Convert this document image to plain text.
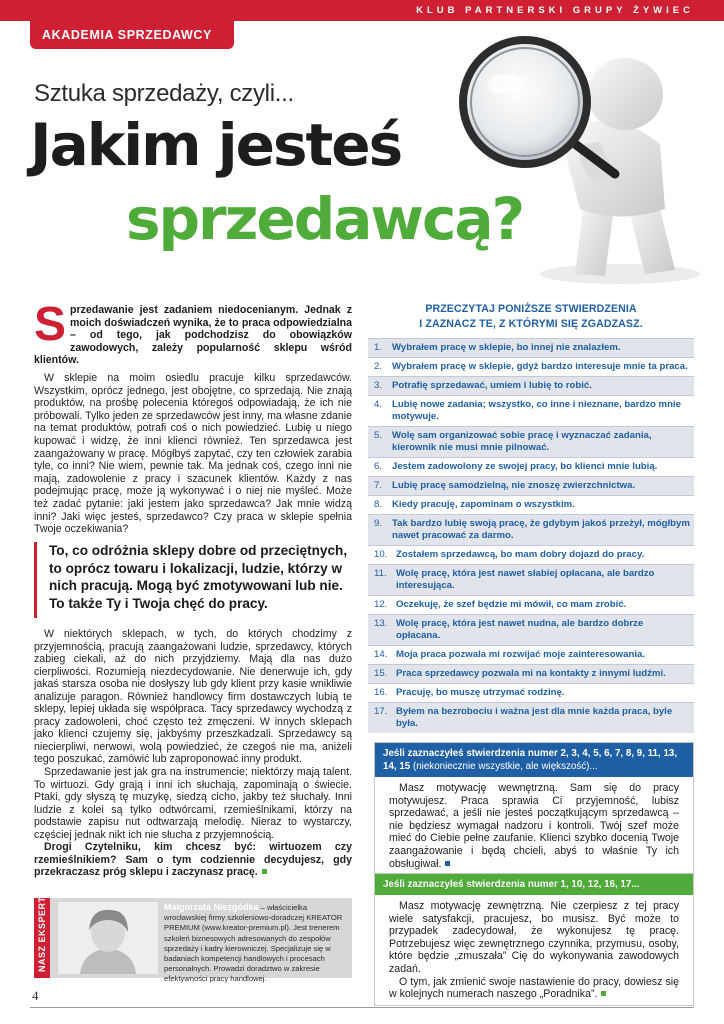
KLUB PARTNERSKI GRUPY ŻYWIEC
AKADEMIA SPRZEDAWCY
Sztuka sprzedaży, czyli...
Jakim jesteś
sprzedawcą?

Sprzedawanie jest zadaniem niedocenianym. Jednak z moich doświadczeń wynika, że to praca odpowiedzialna – od tego, jak podchodzisz do obowiązków zawodowych, zależy popularność sklepu wśród klientów.

W sklepie na moim osiedlu pracuje kilku sprzedawców. Wszystkim, oprócz jednego, jest obojętne, co sprzedają. Nie znają produktów, na prośbę polecenia któregoś odpowiadają, że ich nie próbowali. Tylko jeden ze sprzedawców jest inny, ma własne zdanie na temat produktów, potrafi coś o nich powiedzieć. Lubię u niego kupować i widzę, że inni klienci również. Ten sprzedawca jest zaangażowany w pracę. Mógłbyś zapytać, czy ten człowiek zarabia tyle, co inni? Nie wiem, pewnie tak. Ma jednak coś, czego inni nie mają, zadowolenie z pracy i szacunek klientów. Każdy z nas podejmując pracę, może ją wykonywać i o niej nie myśleć. Może też zadać pytanie: jaki jestem jako sprzedawca? Jak mnie widzą inni? Jaki więc jesteś, sprzedawco? Czy praca w sklepie spełnia Twoje oczekiwania?

To, co odróżnia sklepy dobre od przeciętnych, to oprócz towaru i lokalizacji, ludzie, którzy w nich pracują. Mogą być zmotywowani lub nie. To także Ty i Twoja chęć do pracy.

W niektórych sklepach, w tych, do których chodzimy z przyjemnością, pracują zaangażowani ludzie, sprzedawcy, których zabieg ciekali, aż do nich przyjdziemy. Mają dla nas dużo cierpliwości. Rozumieją niezdecydowanie. Nie denerwuje ich, gdy jakaś starsza osoba nie dosłyszy lub gdy klient przy kasie wnikliwie analizuje paragon. Również handlowcy firm dostawczych lubią te sklepy, lepiej układa się współpraca. Tacy sprzedawcy wychodzą z pracy zadowoleni, choć często też zmęczeni. W innych sklepach jako klienci czujemy się, jakbyśmy przeszkadzali. Sprzedawcy są niecierpliwi, nerwowi, wolą powiedzieć, że czegoś nie ma, aniżeli tego poszukać, zamówić lub zaproponować inny produkt.

Sprzedawanie jest jak gra na instrumencie; niektórzy mają talent. To wirtuozi. Gdy grają i inni ich słuchają, zapominają o świecie. Ptaki, gdy słyszą tę muzykę, siedzą cicho, jakby też słuchały. Inni ludzie z kolei są tylko odtwórcami, rzemieślnikami, którzy na podstawie zapisu nut odtwarzają melodię. Nieraz to wystarczy, częściej jednak nikt ich nie słucha z przyjemnością.

Drogi Czytelniku, kim chcesz być: wirtuozem czy rzemieślnikiem? Sam o tym codziennie decydujesz, gdy przekraczasz próg sklepu i zaczynasz pracę.

NASZ EKSPERT	Małgorzata Niezgódka – właścicielka wrocławskiej firmy szkoleniowo-doradczej KREATOR PREMIUM (www.kreator-premium.pl). Jest trenerem szkoleń biznesowych adresowanych do zespołów sprzedaży i kadry kierowniczej. Specjalizuje się w badaniach kompetencji handlowych i procesach personalnych. Prowadzi doradztwo w zakresie efektywności pracy handlowej.
4
PRZECZYTAJ PONIŻSZE STWIERDZENIA
I ZAZNACZ TE, Z KTÓRYMI SIĘ ZGADZASZ.
1.	Wybrałem pracę w sklepie, bo innej nie znalazłem.
2.	Wybrałem pracę w sklepie, gdyż bardzo interesuje mnie ta praca.
3.	Potrafię sprzedawać, umiem i lubię to robić.
4.	Lubię nowe zadania; wszystko, co inne i nieznane, bardzo mnie motywuje.
5.	Wolę sam organizować sobie pracę i wyznaczać zadania, kierownik nie musi mnie pilnować.
6.	Jestem zadowolony ze swojej pracy, bo klienci mnie lubią.
7.	Lubię pracę samodzielną, nie znoszę zwierzchnictwa.
8.	Kiedy pracuję, zapominam o wszystkim.
9.	Tak bardzo lubię swoją pracę, że gdybym jakoś przeżył, mógłbym nawet pracować za darmo.
10. Zostałem sprzedawcą, bo mam dobry dojazd do pracy.
11. Wolę pracę, która jest nawet słabiej opłacana, ale bardzo interesująca.
12. Oczekuję, że szef będzie mi mówił, co mam zrobić.
13. Wolę pracę, która jest nawet nudna, ale bardzo dobrze opłacana.
14. Moja praca pozwala mi rozwijać moje zainteresowania.
15. Praca sprzedawcy pozwala mi na kontakty z innymi ludźmi.
16. Pracuję, bo muszę utrzymać rodzinę.
17. Byłem na bezrobociu i ważna jest dla mnie każda praca, byle była.
Jeśli zaznaczyłeś stwierdzenia numer 2, 3, 4, 5, 6, 7, 8, 9, 11, 13, 14, 15 (niekoniecznie wszystkie, ale większość)...

Masz motywację wewnętrzną. Sam się do pracy motywujesz. Praca sprawia Ci przyjemność, lubisz sprzedawać, a jeśli nie jesteś początkującym sprzedawcą – nie będziesz wymagał nadzoru i kontroli. Twój szef może mieć do Ciebie pełne zaufanie. Klienci szybko docenią Twoje zaangażowanie i będą chcieli, abyś to właśnie Ty ich obsługiwał.

Jeśli zaznaczyłeś stwierdzenia numer 1, 10, 12, 16, 17...

Masz motywację zewnętrzną. Nie czerpiesz z tej pracy wiele satysfakcji, pracujesz, bo musisz. Być może to przypadek zadecydował, że wykonujesz tę pracę. Potrzebujesz więc zewnętrznego czynnika, przymusu, osoby, które będzie „zmuszała” Cię do wykonywania zawodowych zadań.

O tym, jak zmienić swoje nastawienie do pracy, dowiesz się w kolejnych numerach naszego „Poradnika”.
